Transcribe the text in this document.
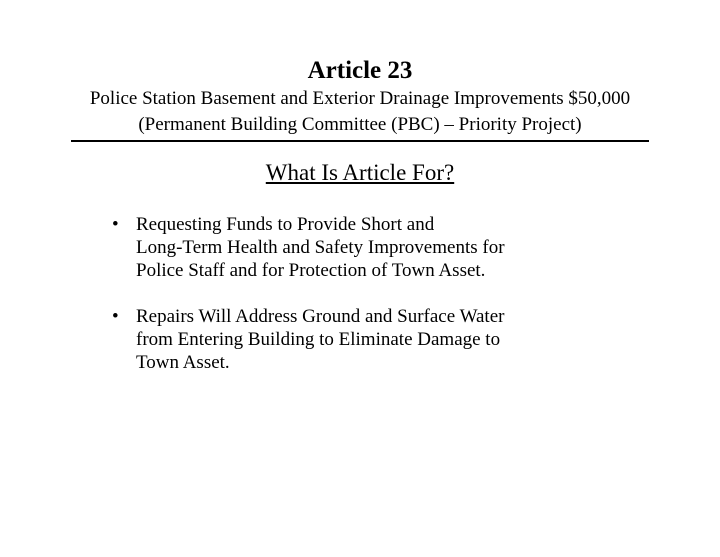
Article 23

Police Station Basement and Exterior Drainage Improvements $50,000

(Permanent Building Committee (PBC) – Priority Project)

What Is Article For?

• Requesting Funds to Provide Short and
Long-Term Health and Safety Improvements for
Police Staff and for Protection of Town Asset.
• Repairs Will Address Ground and Surface Water
from Entering Building to Eliminate Damage to
Town Asset.
